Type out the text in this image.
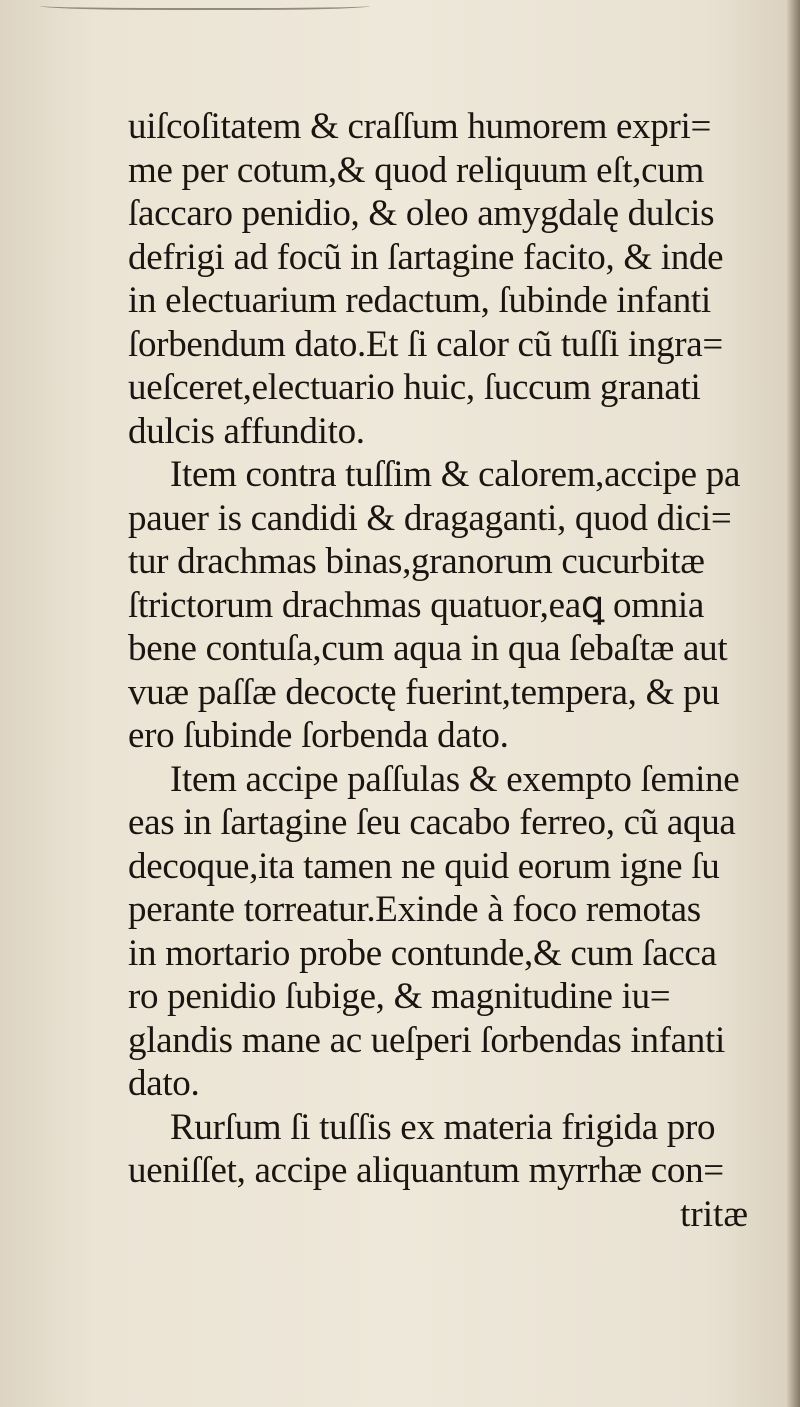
uiſcoſitatem & craſſum humorem expri=
me per cotum,& quod reliquum eſt,cum
ſaccaro penidio, & oleo amygdalę dulcis
defrigi ad focũ in ſartagine facito, & inde
in electuarium redactum, ſubinde infanti
ſorbendum dato.Et ſi calor cũ tuſſi ingra=
ueſceret,electuario huic, ſuccum granati
dulcis affundito.
Item contra tuſſim & calorem,accipe pa
pauer is candidi & dragaganti, quod dici=
tur drachmas binas,granorum cucurbitæ
ſtrictorum drachmas quatuor,eaꝗ omnia
bene contuſa,cum aqua in qua ſebaſtæ aut
vuæ paſſæ decoctę fuerint,tempera, & pu
ero ſubinde ſorbenda dato.
Item accipe paſſulas & exempto ſemine
eas in ſartagine ſeu cacabo ferreo, cũ aqua
decoque,ita tamen ne quid eorum igne ſu
perante torreatur.Exinde à foco remotas
in mortario probe contunde,& cum ſacca
ro penidio ſubige, & magnitudine iu=
glandis mane ac ueſperi ſorbendas infanti
dato.
Rurſum ſi tuſſis ex materia frigida pro
ueniſſet, accipe aliquantum myrrhæ con=
tritæ
